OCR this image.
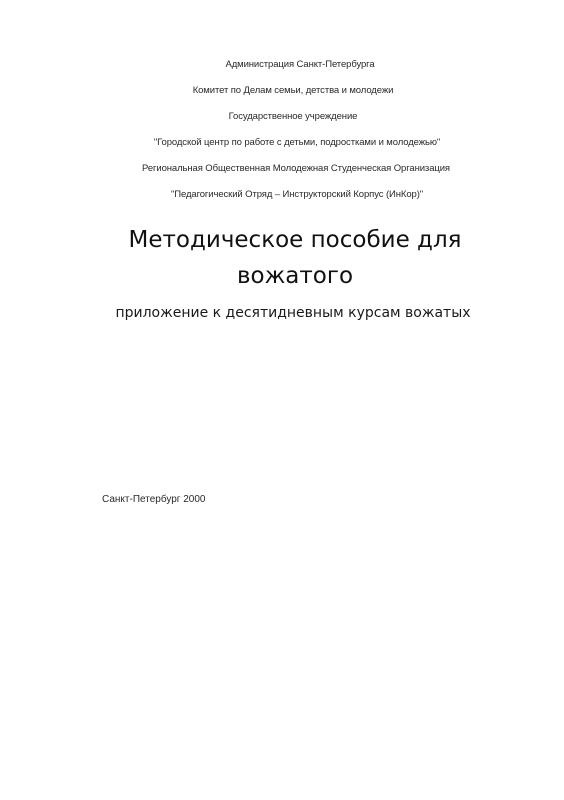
Администрация Санкт-Петербурга
Комитет по Делам семьи, детства и молодежи
Государственное учреждение
"Городской центр по работе с детьми, подростками и молодежью"
Региональная Общественная Молодежная Студенческая Организация
"Педагогический Отряд – Инструкторский Корпус (ИнКор)"
Методическое пособие для
вожатого
приложение к десятидневным курсам вожатых
Санкт-Петербург 2000
